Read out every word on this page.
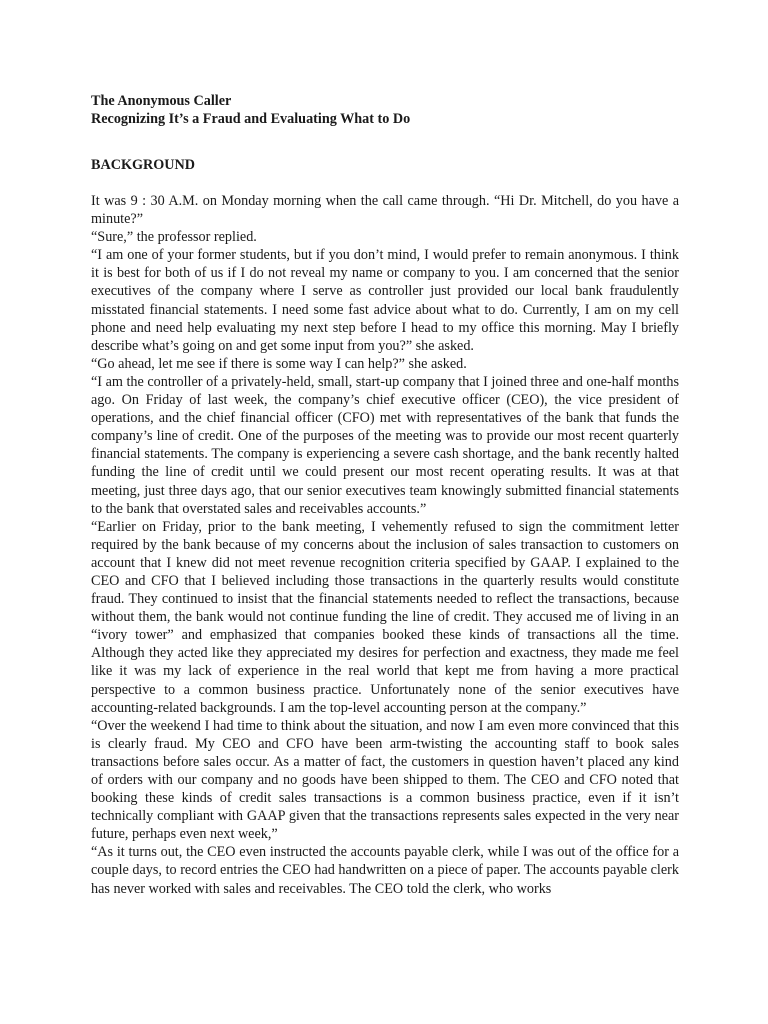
The Anonymous Caller

Recognizing It’s a Fraud and Evaluating What to Do

BACKGROUND

It was 9 : 30 A.M. on Monday morning when the call came through. “Hi Dr. Mitchell, do you have a minute?”

“Sure,” the professor replied.

“I am one of your former students, but if you don’t mind, I would prefer to remain anonymous. I think it is best for both of us if I do not reveal my name or company to you. I am concerned that the senior executives of the company where I serve as controller just provided our local bank fraudulently misstated financial statements. I need some fast advice about what to do. Currently, I am on my cell phone and need help evaluating my next step before I head to my office this morning. May I briefly describe what’s going on and get some input from you?” she asked.

“Go ahead, let me see if there is some way I can help?” she asked.

“I am the controller of a privately-held, small, start-up company that I joined three and one-half months ago. On Friday of last week, the company’s chief executive officer (CEO), the vice president of operations, and the chief financial officer (CFO) met with representatives of the bank that funds the company’s line of credit. One of the purposes of the meeting was to provide our most recent quarterly financial statements. The company is experiencing a severe cash shortage, and the bank recently halted funding the line of credit until we could present our most recent operating results. It was at that meeting, just three days ago, that our senior executives team knowingly submitted financial statements to the bank that overstated sales and receivables accounts.”

“Earlier on Friday, prior to the bank meeting, I vehemently refused to sign the commitment letter required by the bank because of my concerns about the inclusion of sales transaction to customers on account that I knew did not meet revenue recognition criteria specified by GAAP. I explained to the CEO and CFO that I believed including those transactions in the quarterly results would constitute fraud. They continued to insist that the financial statements needed to reflect the transactions, because without them, the bank would not continue funding the line of credit. They accused me of living in an “ivory tower” and emphasized that companies booked these kinds of transactions all the time. Although they acted like they appreciated my desires for perfection and exactness, they made me feel like it was my lack of experience in the real world that kept me from having a more practical perspective to a common business practice. Unfortunately none of the senior executives have accounting-related backgrounds. I am the top-level accounting person at the company.”

“Over the weekend I had time to think about the situation, and now I am even more convinced that this is clearly fraud. My CEO and CFO have been arm-twisting the accounting staff to book sales transactions before sales occur. As a matter of fact, the customers in question haven’t placed any kind of orders with our company and no goods have been shipped to them. The CEO and CFO noted that booking these kinds of credit sales transactions is a common business practice, even if it isn’t technically compliant with GAAP given that the transactions represents sales expected in the very near future, perhaps even next week,”

“As it turns out, the CEO even instructed the accounts payable clerk, while I was out of the office for a couple days, to record entries the CEO had handwritten on a piece of paper. The accounts payable clerk has never worked with sales and receivables. The CEO told the clerk, who works
